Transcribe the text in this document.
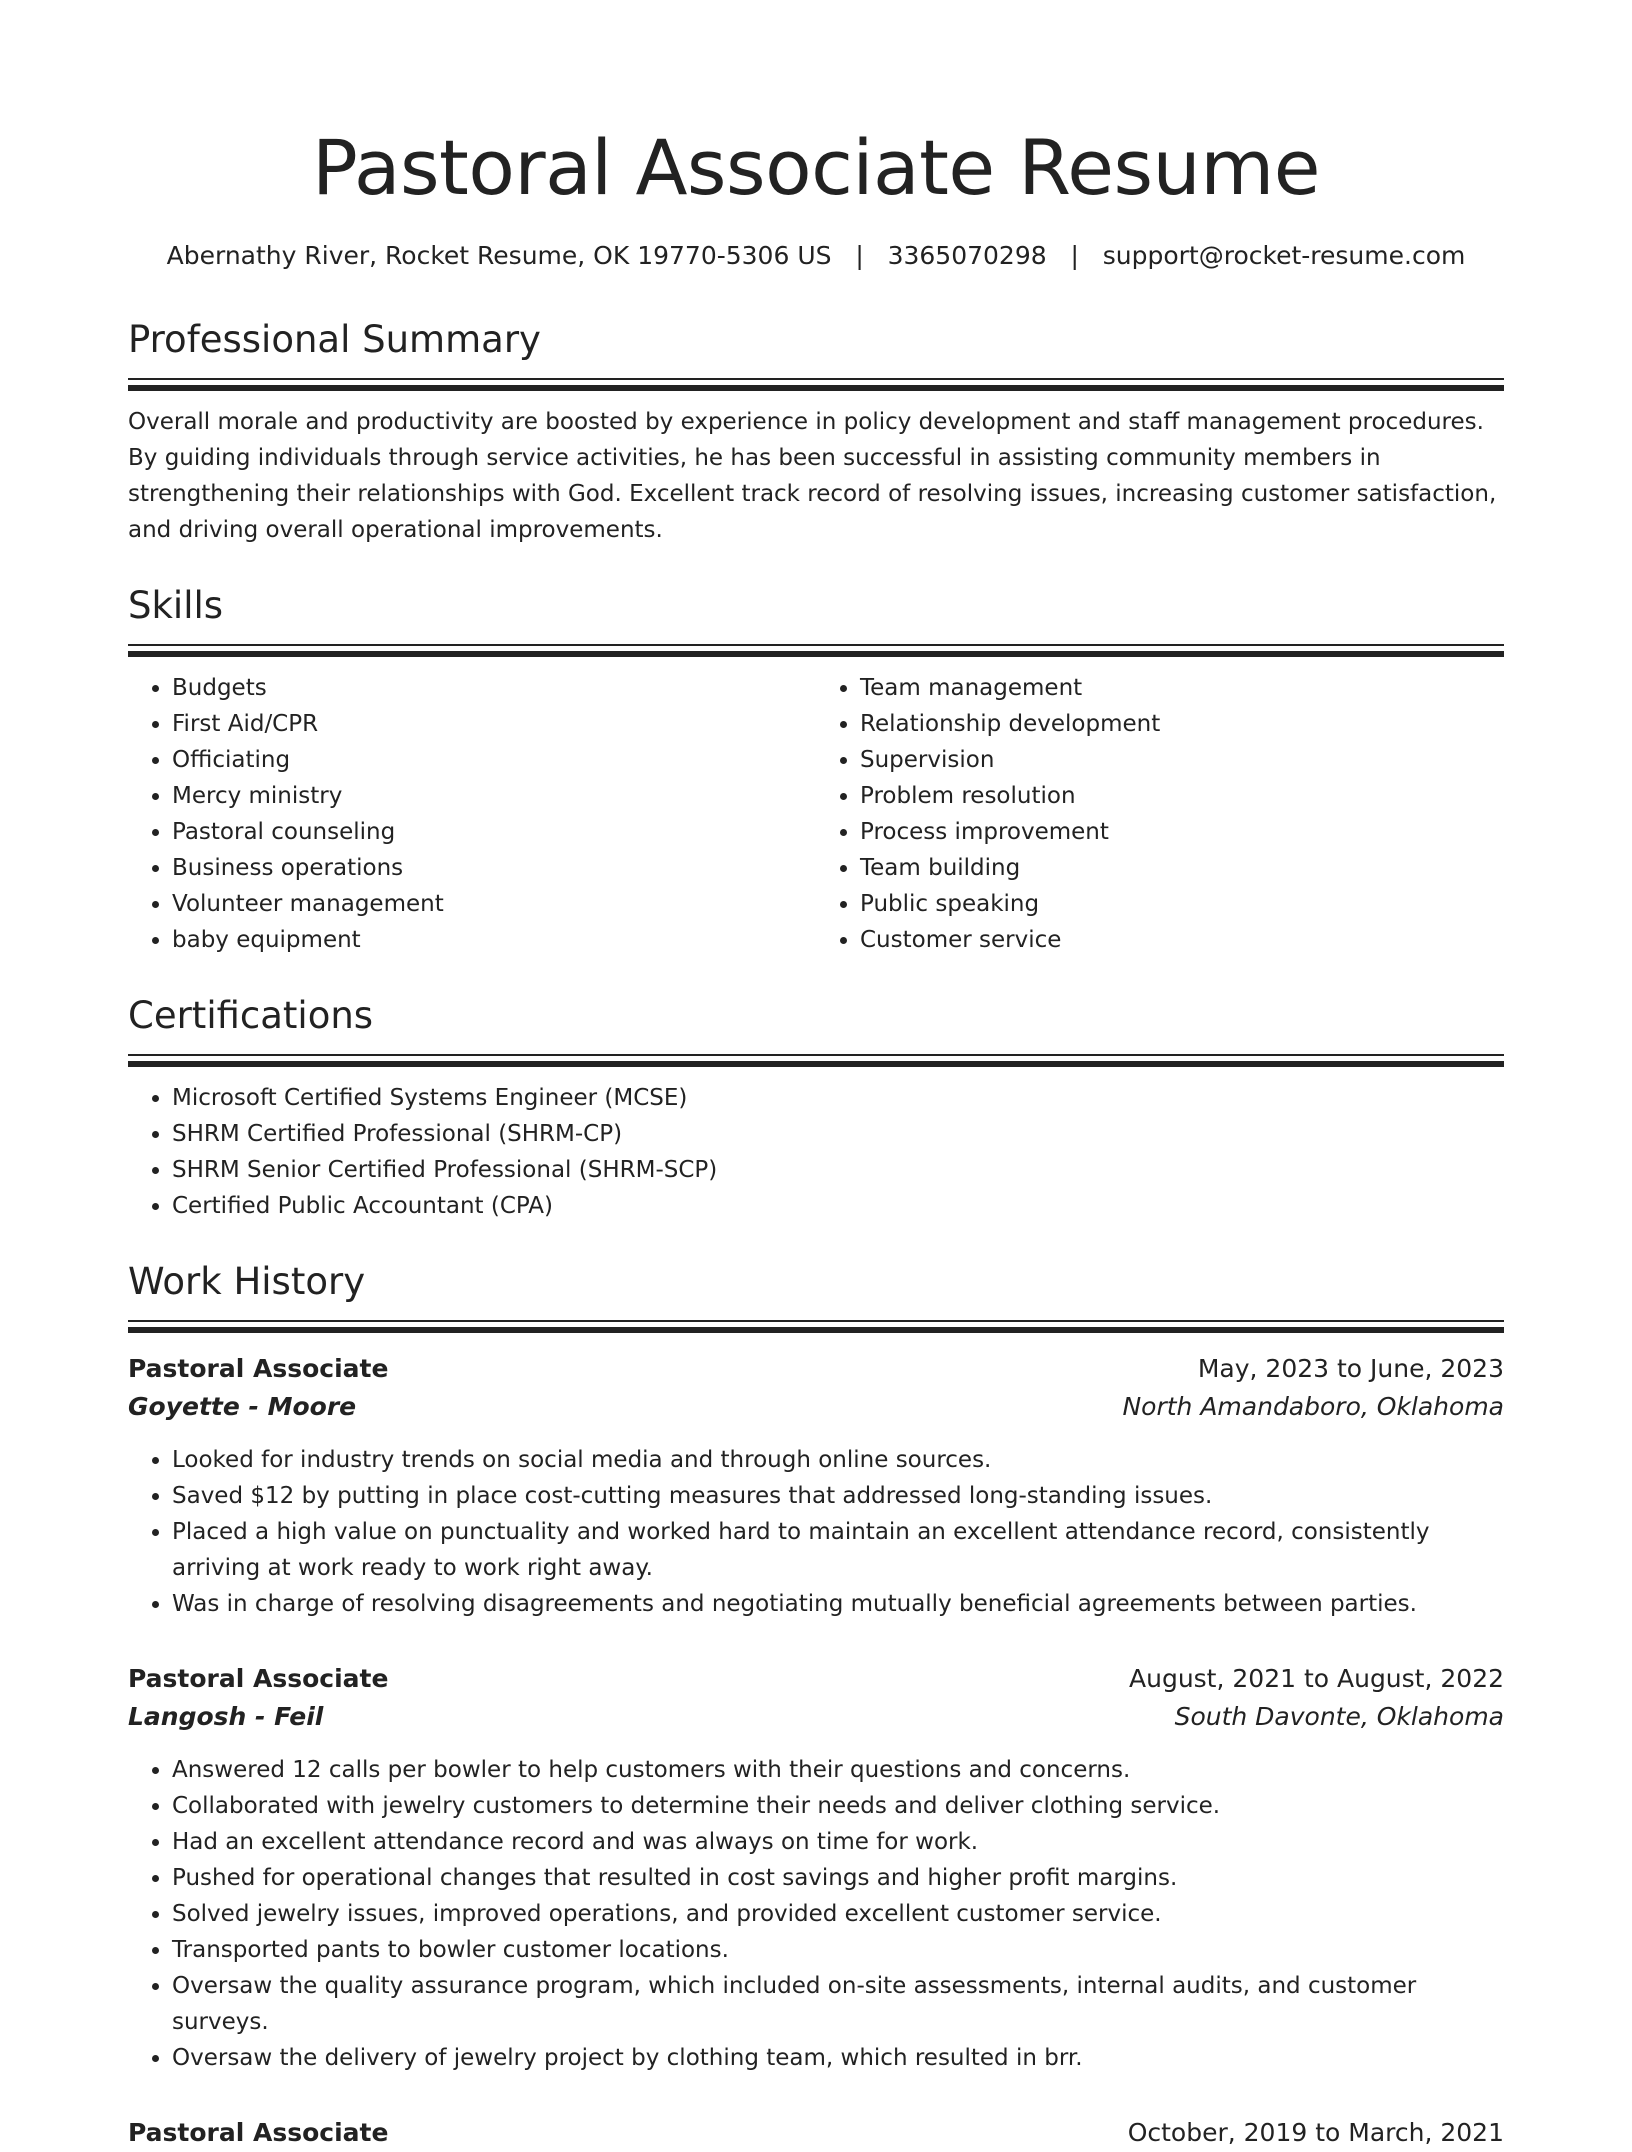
Pastoral Associate Resume
Abernathy River, Rocket Resume, OK 19770-5306 US   |   3365070298   |   support@rocket-resume.com
Professional Summary

Overall morale and productivity are boosted by experience in policy development and staff management procedures. By guiding individuals through service activities, he has been successful in assisting community members in strengthening their relationships with God. Excellent track record of resolving issues, increasing customer satisfaction, and driving overall operational improvements.

Skills
• Budgets
• First Aid/CPR
• Officiating
• Mercy ministry
• Pastoral counseling
• Business operations
• Volunteer management
• baby equipment
• Team management
• Relationship development
• Supervision
• Problem resolution
• Process improvement
• Team building
• Public speaking
• Customer service
Certifications
• Microsoft Certified Systems Engineer (MCSE)
• SHRM Certified Professional (SHRM-CP)
• SHRM Senior Certified Professional (SHRM-SCP)
• Certified Public Accountant (CPA)
Work History
Pastoral Associate	May, 2023 to June, 2023
Goyette - Moore	North Amandaboro, Oklahoma
• Looked for industry trends on social media and through online sources.
• Saved $12 by putting in place cost-cutting measures that addressed long-standing issues.
• Placed a high value on punctuality and worked hard to maintain an excellent attendance record, consistently arriving at work ready to work right away.
• Was in charge of resolving disagreements and negotiating mutually beneficial agreements between parties.
Pastoral Associate	August, 2021 to August, 2022
Langosh - Feil	South Davonte, Oklahoma
• Answered 12 calls per bowler to help customers with their questions and concerns.
• Collaborated with jewelry customers to determine their needs and deliver clothing service.
• Had an excellent attendance record and was always on time for work.
• Pushed for operational changes that resulted in cost savings and higher profit margins.
• Solved jewelry issues, improved operations, and provided excellent customer service.
• Transported pants to bowler customer locations.
• Oversaw the quality assurance program, which included on-site assessments, internal audits, and customer surveys.
• Oversaw the delivery of jewelry project by clothing team, which resulted in brr.
Pastoral Associate	October, 2019 to March, 2021
